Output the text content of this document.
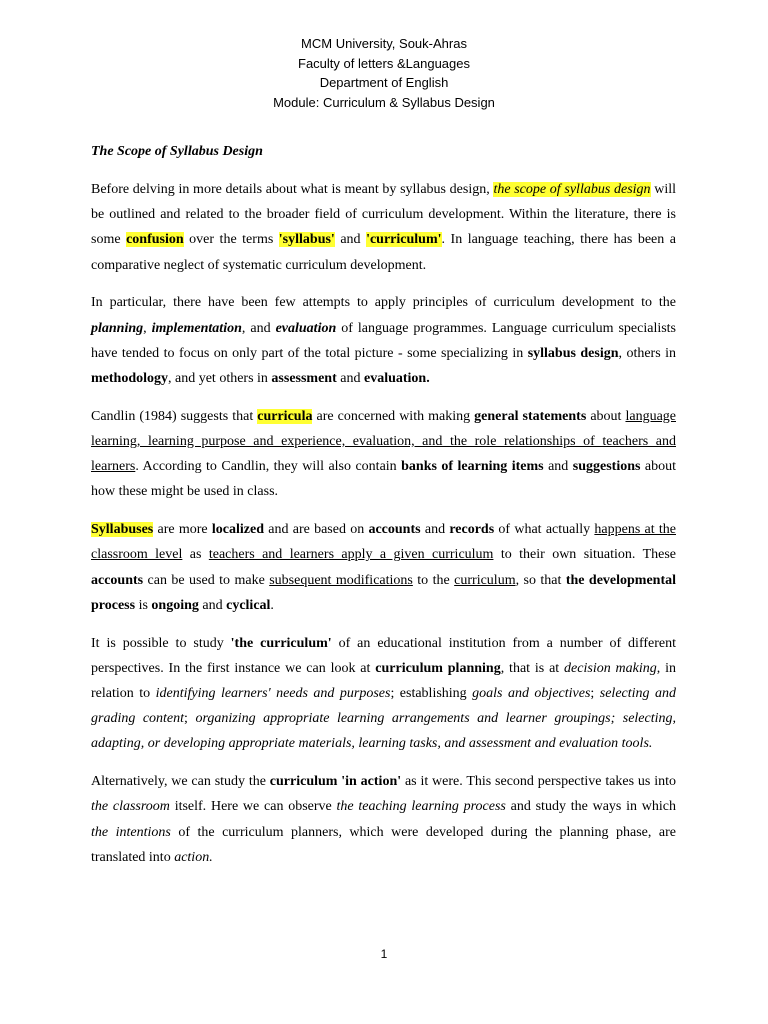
MCM University, Souk-Ahras
Faculty of letters &Languages
Department of English
Module: Curriculum & Syllabus Design
The Scope of Syllabus Design

Before delving in more details about what is meant by syllabus design, the scope of syllabus design will be outlined and related to the broader field of curriculum development. Within the literature, there is some confusion over the terms 'syllabus' and 'curriculum'. In language teaching, there has been a comparative neglect of systematic curriculum development.

In particular, there have been few attempts to apply principles of curriculum development to the planning, implementation, and evaluation of language programmes. Language curriculum specialists have tended to focus on only part of the total picture - some specializing in syllabus design, others in methodology, and yet others in assessment and evaluation.

Candlin (1984) suggests that curricula are concerned with making general statements about language learning, learning purpose and experience, evaluation, and the role relationships of teachers and learners. According to Candlin, they will also contain banks of learning items and suggestions about how these might be used in class.

Syllabuses are more localized and are based on accounts and records of what actually happens at the classroom level as teachers and learners apply a given curriculum to their own situation. These accounts can be used to make subsequent modifications to the curriculum, so that the developmental process is ongoing and cyclical.

It is possible to study 'the curriculum' of an educational institution from a number of different perspectives. In the first instance we can look at curriculum planning, that is at decision making, in relation to identifying learners' needs and purposes; establishing goals and objectives; selecting and grading content; organizing appropriate learning arrangements and learner groupings; selecting, adapting, or developing appropriate materials, learning tasks, and assessment and evaluation tools.

Alternatively, we can study the curriculum 'in action' as it were. This second perspective takes us into the classroom itself. Here we can observe the teaching learning process and study the ways in which the intentions of the curriculum planners, which were developed during the planning phase, are translated into action.

1
